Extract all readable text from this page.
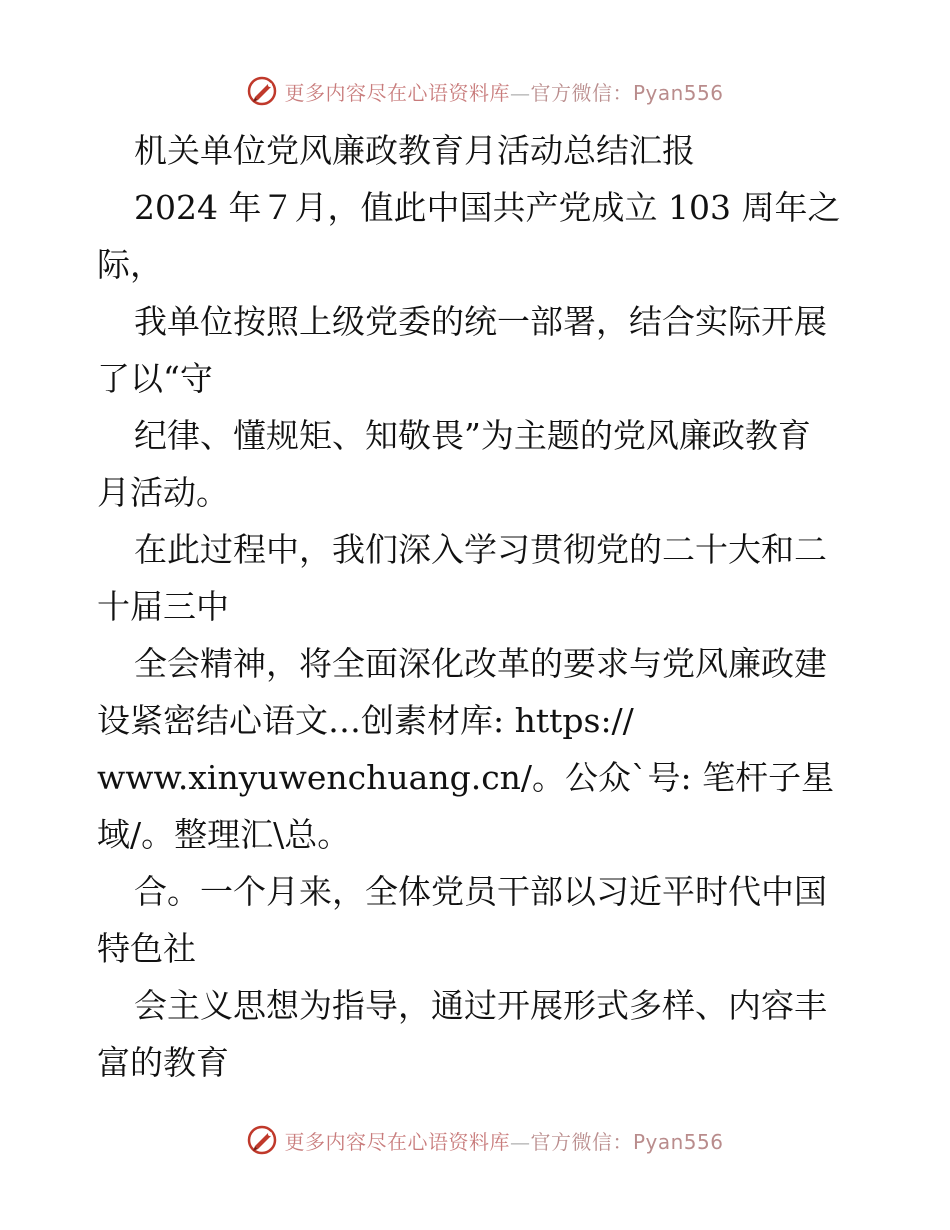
更多内容尽在心语资料库—官方微信：Pyan556
机关单位党风廉政教育月活动总结汇报
2024 年７月，值此中国共产党成立 103 周年之
际，
我单位按照上级党委的统一部署，结合实际开展
了以“守
纪律、懂规矩、知敬畏”为主题的党风廉政教育
月活动。
在此过程中，我们深入学习贯彻党的二十大和二
十届三中
全会精神，将全面深化改革的要求与党风廉政建
设紧密结心语文…创素材库: https://
www.xinyuwenchuang.cn/。公众`号: 笔杆子星
域/。整理汇\总。
合。一个月来，全体党员干部以习近平时代中国
特色社
会主义思想为指导，通过开展形式多样、内容丰
富的教育
更多内容尽在心语资料库—官方微信：Pyan556
